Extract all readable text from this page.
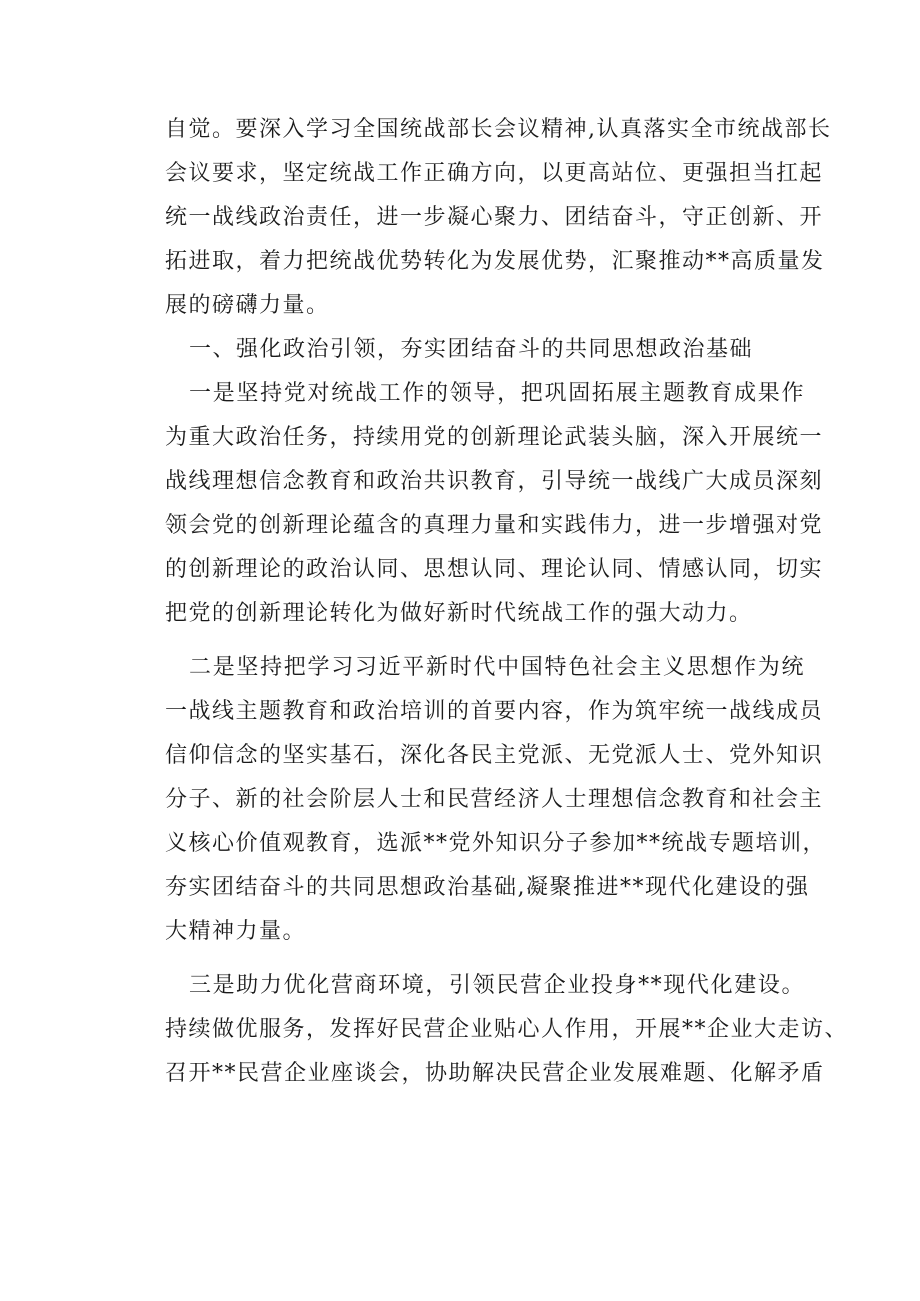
自觉。要深入学习全国统战部长会议精神,认真落实全市统战部长
会议要求，坚定统战工作正确方向，以更高站位、更强担当扛起
统一战线政治责任，进一步凝心聚力、团结奋斗，守正创新、开
拓进取，着力把统战优势转化为发展优势，汇聚推动**高质量发
展的磅礴力量。
一、强化政治引领，夯实团结奋斗的共同思想政治基础
一是坚持党对统战工作的领导，把巩固拓展主题教育成果作
为重大政治任务，持续用党的创新理论武装头脑，深入开展统一
战线理想信念教育和政治共识教育，引导统一战线广大成员深刻
领会党的创新理论蕴含的真理力量和实践伟力，进一步增强对党
的创新理论的政治认同、思想认同、理论认同、情感认同，切实
把党的创新理论转化为做好新时代统战工作的强大动力。
二是坚持把学习习近平新时代中国特色社会主义思想作为统
一战线主题教育和政治培训的首要内容，作为筑牢统一战线成员
信仰信念的坚实基石，深化各民主党派、无党派人士、党外知识
分子、新的社会阶层人士和民营经济人士理想信念教育和社会主
义核心价值观教育，选派**党外知识分子参加**统战专题培训，
夯实团结奋斗的共同思想政治基础,凝聚推进**现代化建设的强
大精神力量。
三是助力优化营商环境，引领民营企业投身**现代化建设。
持续做优服务，发挥好民营企业贴心人作用，开展**企业大走访、
召开**民营企业座谈会，协助解决民营企业发展难题、化解矛盾
